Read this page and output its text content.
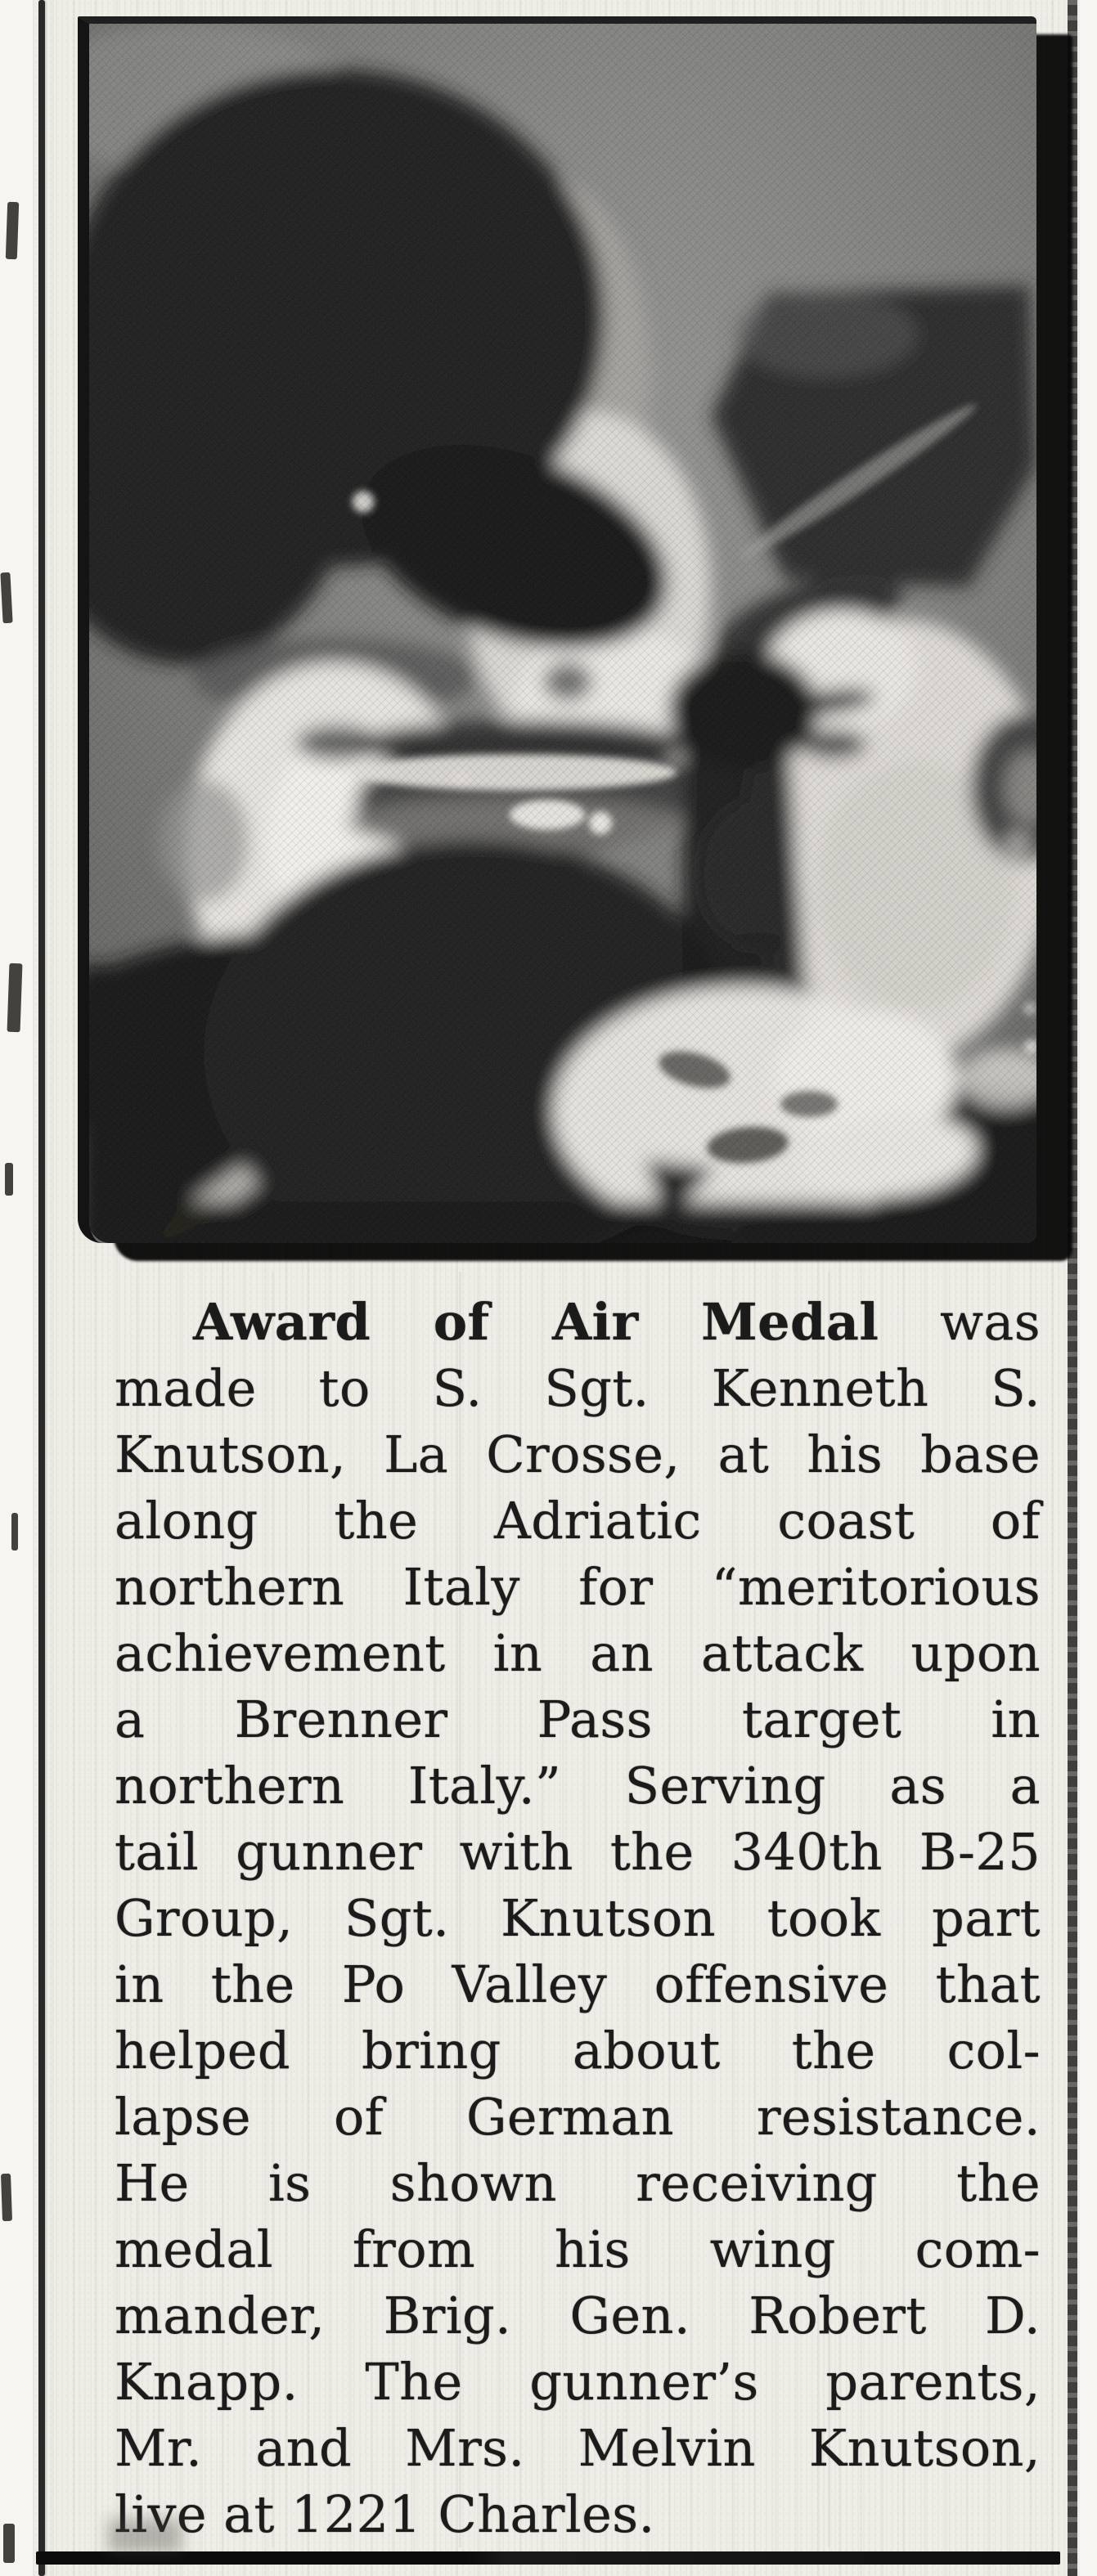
Award of Air Medal was
made to S. Sgt. Kenneth S.
Knutson, La Crosse, at his base
along the Adriatic coast of
northern Italy for “meritorious
achievement in an attack upon
a Brenner Pass target in
northern Italy.” Serving as a
tail gunner with the 340th B-25
Group, Sgt. Knutson took part
in the Po Valley offensive that
helped bring about the col-
lapse of German resistance.
He is shown receiving the
medal from his wing com-
mander, Brig. Gen. Robert D.
Knapp. The gunner’s parents,
Mr. and Mrs. Melvin Knutson,
live at 1221 Charles.
